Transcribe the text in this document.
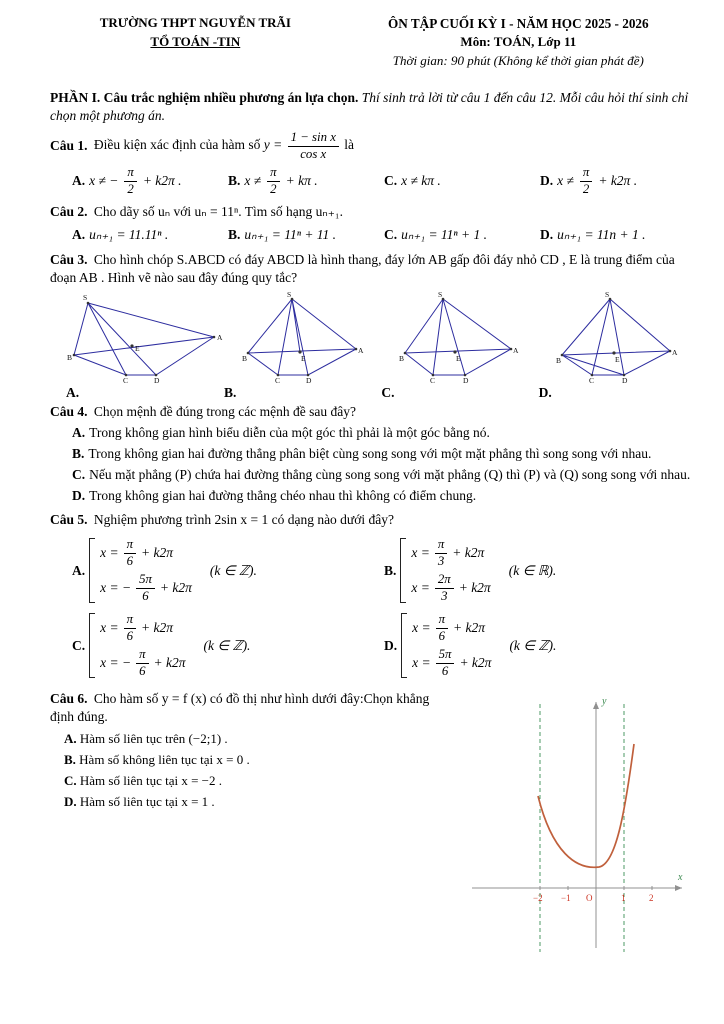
TRƯỜNG THPT NGUYỄN TRÃI
TỔ TOÁN -TIN
ÔN TẬP CUỐI KỲ I - NĂM HỌC 2025 - 2026
Môn: TOÁN, Lớp 11
Thời gian: 90 phút (Không kể thời gian phát đề)
PHẦN I. Câu trắc nghiệm nhiều phương án lựa chọn. Thí sinh trả lời từ câu 1 đến câu 12. Mỗi câu hỏi thí sinh chỉ chọn một phương án.
Câu 1. Điều kiện xác định của hàm số $y = \frac{\text{1 − sin x}}{\text{cos x}}$ là
A. x ≠ − $\frac{\pi}{2} + k2\pi$ .	B. $x \ne \frac{\pi}{2} + k\pi$ .	C. x ≠ kπ .	D. $x \ne \frac{\pi}{2} + k2\pi$ .
Câu 2. Cho dãy số uₙ với uₙ = 11ⁿ. Tìm số hạng uₙ₊₁.
A. uₙ₊₁ = 11.11ⁿ .	B. uₙ₊₁ = 11ⁿ + 11 .	C. uₙ₊₁ = 11ⁿ + 1 .	D. uₙ₊₁ = 11n + 1 .
Câu 3. Cho hình chóp S.ABCD có đáy ABCD là hình thang, đáy lớn AB gấp đôi đáy nhỏ CD , E là trung điểm của đoạn AB . Hình vẽ nào sau đây đúng quy tắc?
S
A
B
C	D
E
A.
S
A
B
C	D
E
B.
S
A
B
C	D
E
C.
S
A
B
C	D
E
D.
Câu 4. Chọn mệnh đề đúng trong các mệnh đề sau đây?
A. Trong không gian hình biểu diễn của một góc thì phải là một góc bằng nó.
B. Trong không gian hai đường thẳng phân biệt cùng song song với một mặt phẳng thì song song với nhau.
C. Nếu mặt phẳng (P) chứa hai đường thẳng cùng song song với mặt phẳng (Q) thì (P) và (Q) song song với nhau.
D. Trong không gian hai đường thẳng chéo nhau thì không có điểm chung.
Câu 5. Nghiệm phương trình 2sin x = 1 có dạng nào dưới đây?
A.
$x = \frac{\pi}{6} + k2\pi$
x = − $\frac{5\pi}{6} + k2\pi$
(k ∈ ℤ).	B.
$x = \frac{\pi}{3} + k2\pi$
$x = \frac{2\pi}{3} + k2\pi$
(k ∈ ℝ).
C.
$x = \frac{\pi}{6} + k2\pi$
x = − $\frac{\pi}{6} + k2\pi$
(k ∈ ℤ).	D.
$x = \frac{\pi}{6} + k2\pi$
$x = \frac{5\pi}{6} + k2\pi$
(k ∈ ℤ).
Câu 6. Cho hàm số y = f (x) có đồ thị như hình dưới đây:Chọn khẳng định đúng.
A. Hàm số liên tục trên (−2;1) .
B. Hàm số không liên tục tại x = 0 .
C. Hàm số liên tục tại x = −2 .
D. Hàm số liên tục tại x = 1 .
−2 −1 O	1	2
y
x
